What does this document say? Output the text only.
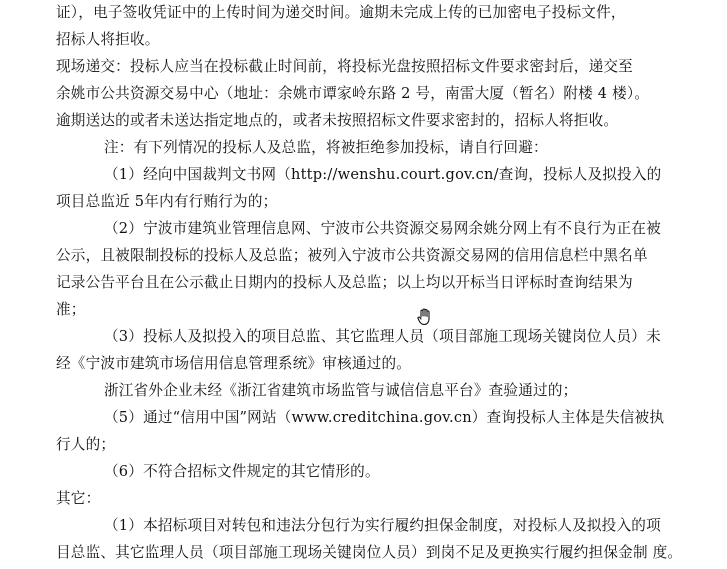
证），电子签收凭证中的上传时间为递交时间。逾期未完成上传的已加密电子投标文件，
招标人将拒收。
现场递交：投标人应当在投标截止时间前，将投标光盘按照招标文件要求密封后，递交至
余姚市公共资源交易中心（地址：余姚市谭家岭东路 2 号，南雷大厦（暂名）附楼 4 楼）。
逾期送达的或者未送达指定地点的，或者未按照招标文件要求密封的，招标人将拒收。
注：有下列情况的投标人及总监，将被拒绝参加投标，请自行回避：
（1）经向中国裁判文书网（http://wenshu.court.gov.cn/查询，投标人及拟投入的
项目总监近 5年内有行贿行为的；
（2）宁波市建筑业管理信息网、宁波市公共资源交易网余姚分网上有不良行为正在被
公示，且被限制投标的投标人及总监；被列入宁波市公共资源交易网的信用信息栏中黑名单
记录公告平台且在公示截止日期内的投标人及总监；以上均以开标当日评标时查询结果为
准；
（3）投标人及拟投入的项目总监、其它监理人员（项目部施工现场关键岗位人员）未
经《宁波市建筑市场信用信息管理系统》审核通过的。
浙江省外企业未经《浙江省建筑市场监管与诚信信息平台》查验通过的；
（5）通过“信用中国”网站（www.creditchina.gov.cn）查询投标人主体是失信被执
行人的；
（6）不符合招标文件规定的其它情形的。
其它：
（1）本招标项目对转包和违法分包行为实行履约担保金制度，对投标人及拟投入的项
目总监、其它监理人员（项目部施工现场关键岗位人员）到岗不足及更换实行履约担保金制 度。
